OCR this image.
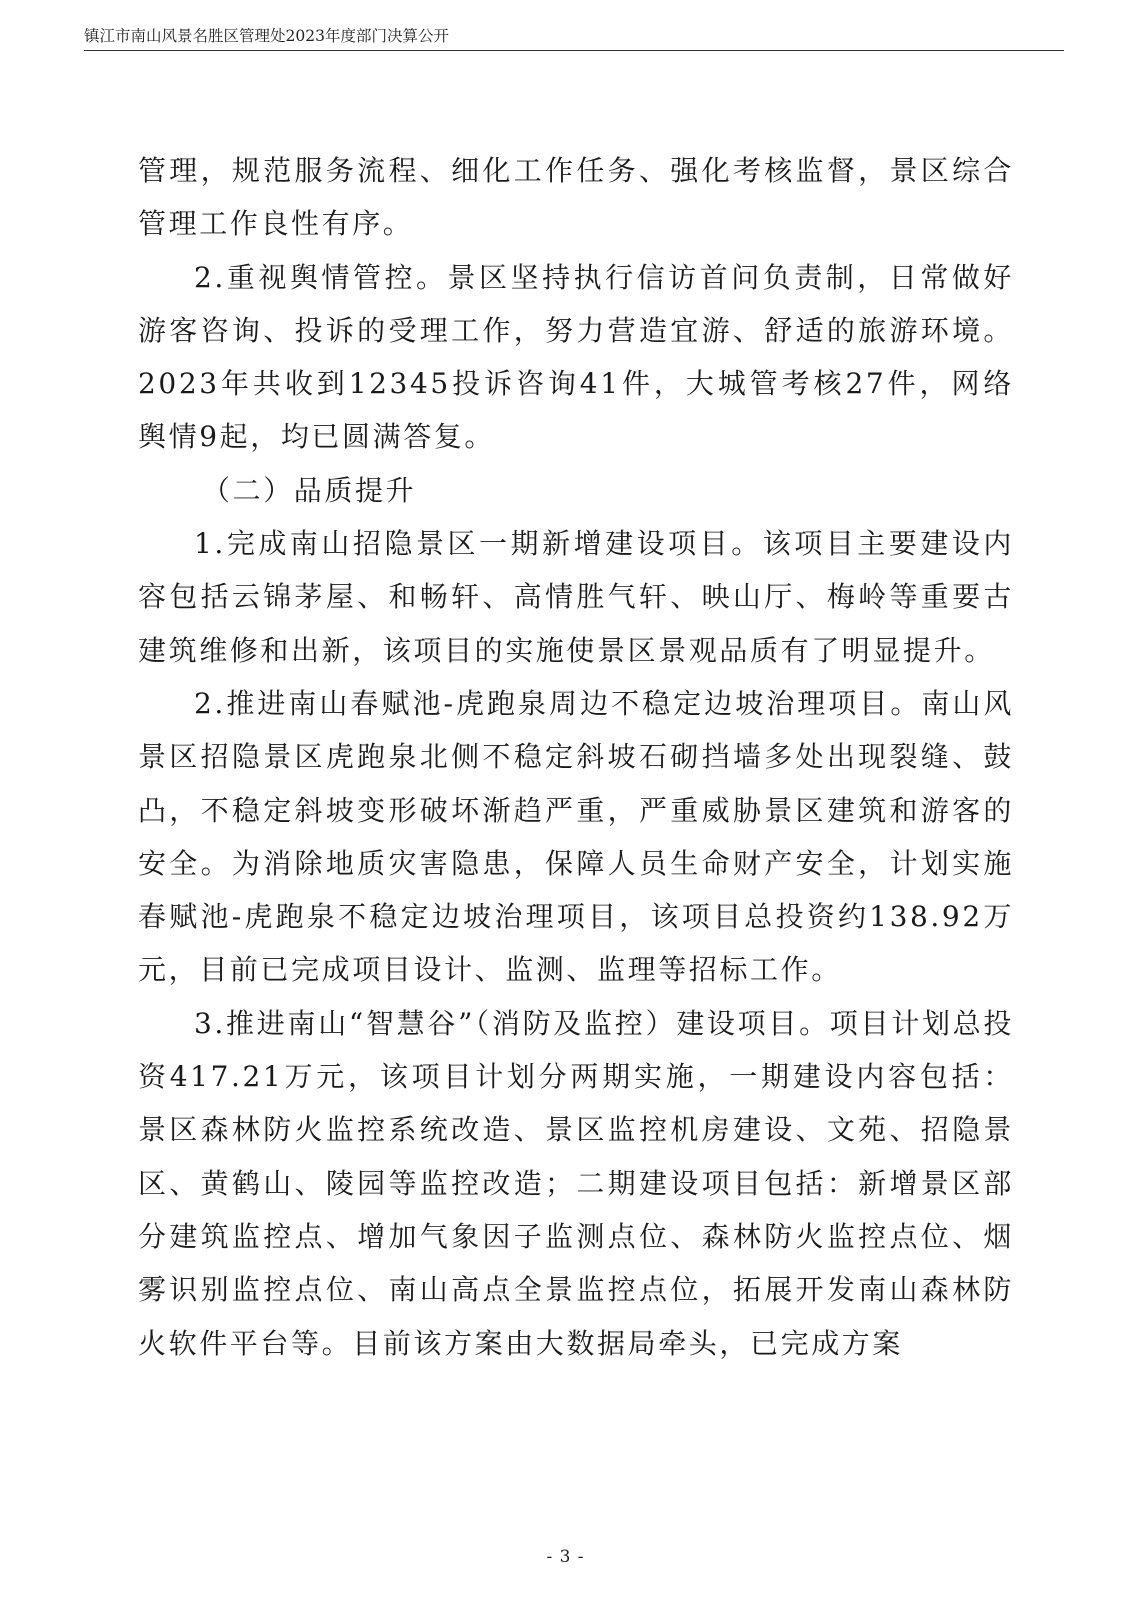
镇江市南山风景名胜区管理处2023年度部门决算公开

管理，规范服务流程、细化工作任务、强化考核监督，景区综合管理工作良性有序。

2.重视舆情管控。景区坚持执行信访首问负责制，日常做好游客咨询、投诉的受理工作，努力营造宜游、舒适的旅游环境。2023年共收到12345投诉咨询41件，大城管考核27件，网络舆情9起，均已圆满答复。

（二）品质提升

1.完成南山招隐景区一期新增建设项目。该项目主要建设内容包括云锦茅屋、和畅轩、高情胜气轩、映山厅、梅岭等重要古建筑维修和出新，该项目的实施使景区景观品质有了明显提升。

2.推进南山春赋池-虎跑泉周边不稳定边坡治理项目。南山风景区招隐景区虎跑泉北侧不稳定斜坡石砌挡墙多处出现裂缝、鼓凸，不稳定斜坡变形破坏渐趋严重，严重威胁景区建筑和游客的安全。为消除地质灾害隐患，保障人员生命财产安全，计划实施春赋池-虎跑泉不稳定边坡治理项目，该项目总投资约138.92万元，目前已完成项目设计、监测、监理等招标工作。

3.推进南山“智慧谷”（消防及监控）建设项目。项目计划总投资417.21万元，该项目计划分两期实施，一期建设内容包括：景区森林防火监控系统改造、景区监控机房建设、文苑、招隐景区、黄鹤山、陵园等监控改造；二期建设项目包括：新增景区部分建筑监控点、增加气象因子监测点位、森林防火监控点位、烟雾识别监控点位、南山高点全景监控点位，拓展开发南山森林防火软件平台等。目前该方案由大数据局牵头，已完成方案

- 3 -
